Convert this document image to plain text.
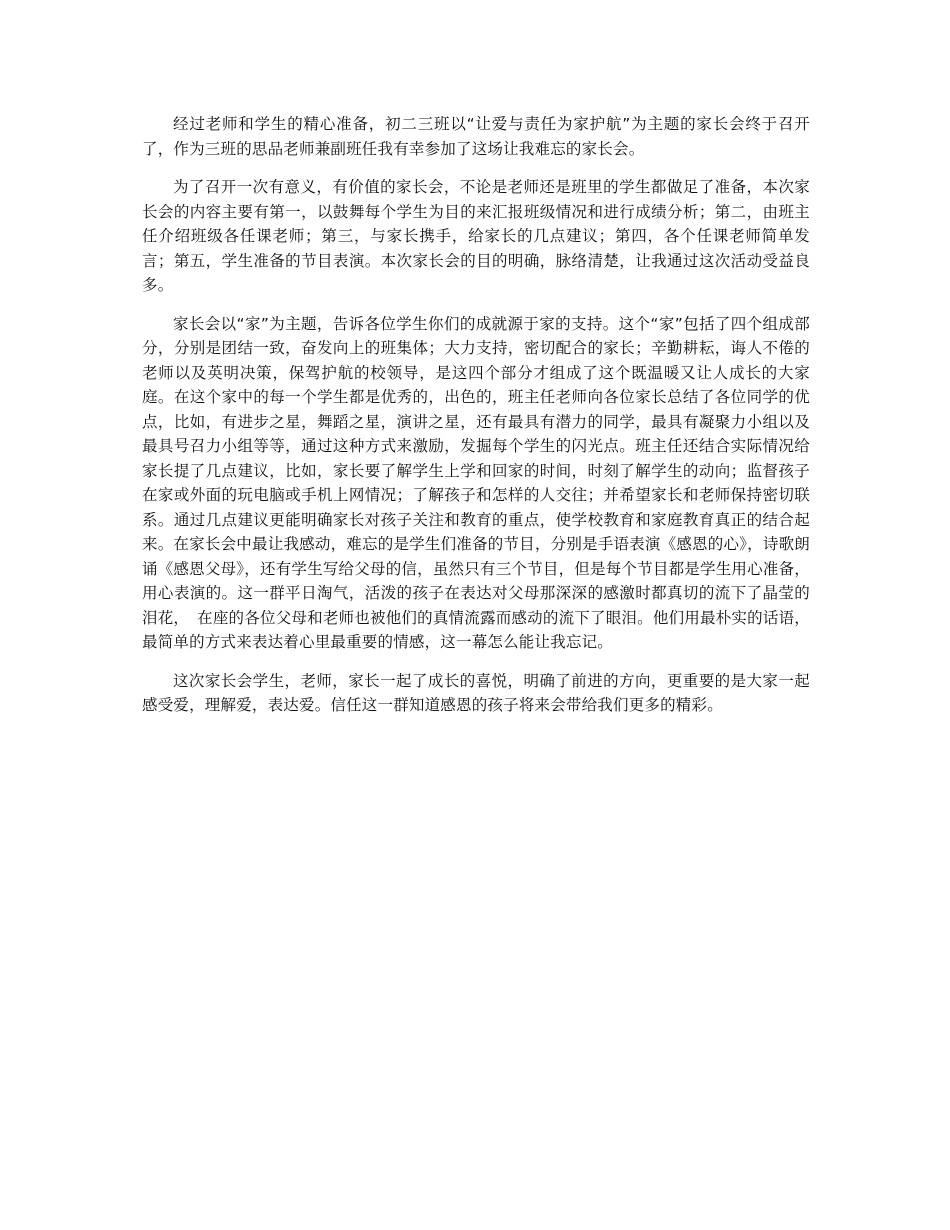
经过老师和学生的精心准备，初二三班以“让爱与责任为家护航”为主题的家长会终于召开了，作为三班的思品老师兼副班任我有幸参加了这场让我难忘的家长会。

为了召开一次有意义，有价值的家长会，不论是老师还是班里的学生都做足了准备，本次家长会的内容主要有第一，以鼓舞每个学生为目的来汇报班级情况和进行成绩分析；第二，由班主任介绍班级各任课老师；第三，与家长携手，给家长的几点建议；第四，各个任课老师简单发言；第五，学生准备的节目表演。本次家长会的目的明确，脉络清楚，让我通过这次活动受益良多。

家长会以“家”为主题，告诉各位学生你们的成就源于家的支持。这个“家”包括了四个组成部分，分别是团结一致，奋发向上的班集体；大力支持，密切配合的家长；辛勤耕耘，诲人不倦的老师以及英明决策，保驾护航的校领导，是这四个部分才组成了这个既温暖又让人成长的大家庭。在这个家中的每一个学生都是优秀的，出色的，班主任老师向各位家长总结了各位同学的优点，比如，有进步之星，舞蹈之星，演讲之星，还有最具有潜力的同学，最具有凝聚力小组以及最具号召力小组等等，通过这种方式来激励，发掘每个学生的闪光点。班主任还结合实际情况给家长提了几点建议，比如，家长要了解学生上学和回家的时间，时刻了解学生的动向；监督孩子在家或外面的玩电脑或手机上网情况；了解孩子和怎样的人交往；并希望家长和老师保持密切联系。通过几点建议更能明确家长对孩子关注和教育的重点，使学校教育和家庭教育真正的结合起来。在家长会中最让我感动，难忘的是学生们准备的节目，分别是手语表演《感恩的心》，诗歌朗诵《感恩父母》，还有学生写给父母的信，虽然只有三个节目，但是每个节目都是学生用心准备，用心表演的。这一群平日淘气，活泼的孩子在表达对父母那深深的感激时都真切的流下了晶莹的泪花，　在座的各位父母和老师也被他们的真情流露而感动的流下了眼泪。他们用最朴实的话语，最简单的方式来表达着心里最重要的情感，这一幕怎么能让我忘记。

这次家长会学生，老师，家长一起了成长的喜悦，明确了前进的方向，更重要的是大家一起感受爱，理解爱，表达爱。信任这一群知道感恩的孩子将来会带给我们更多的精彩。
